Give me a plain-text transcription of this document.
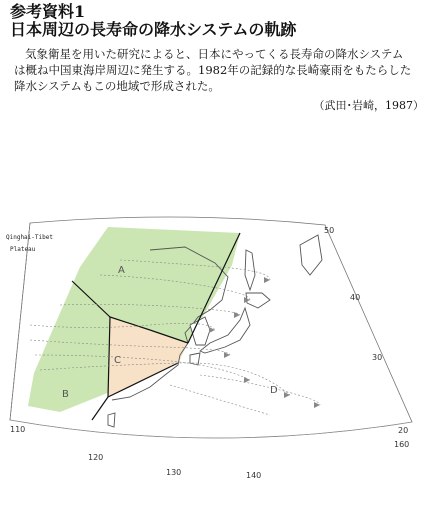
参考資料1
日本周辺の長寿命の降水システムの軌跡
気象衛星を用いた研究によると、日本にやってくる長寿命の降水システム
は概ね中国東海岸周辺に発生する。1982年の記録的な長崎豪雨をもたらした
降水システムもこの地域で形成された。
（武田･岩崎，1987）
A
B
C
D
Qinghai-Tibet
Plateau
110
120
130	140
160
50
40
30
20
